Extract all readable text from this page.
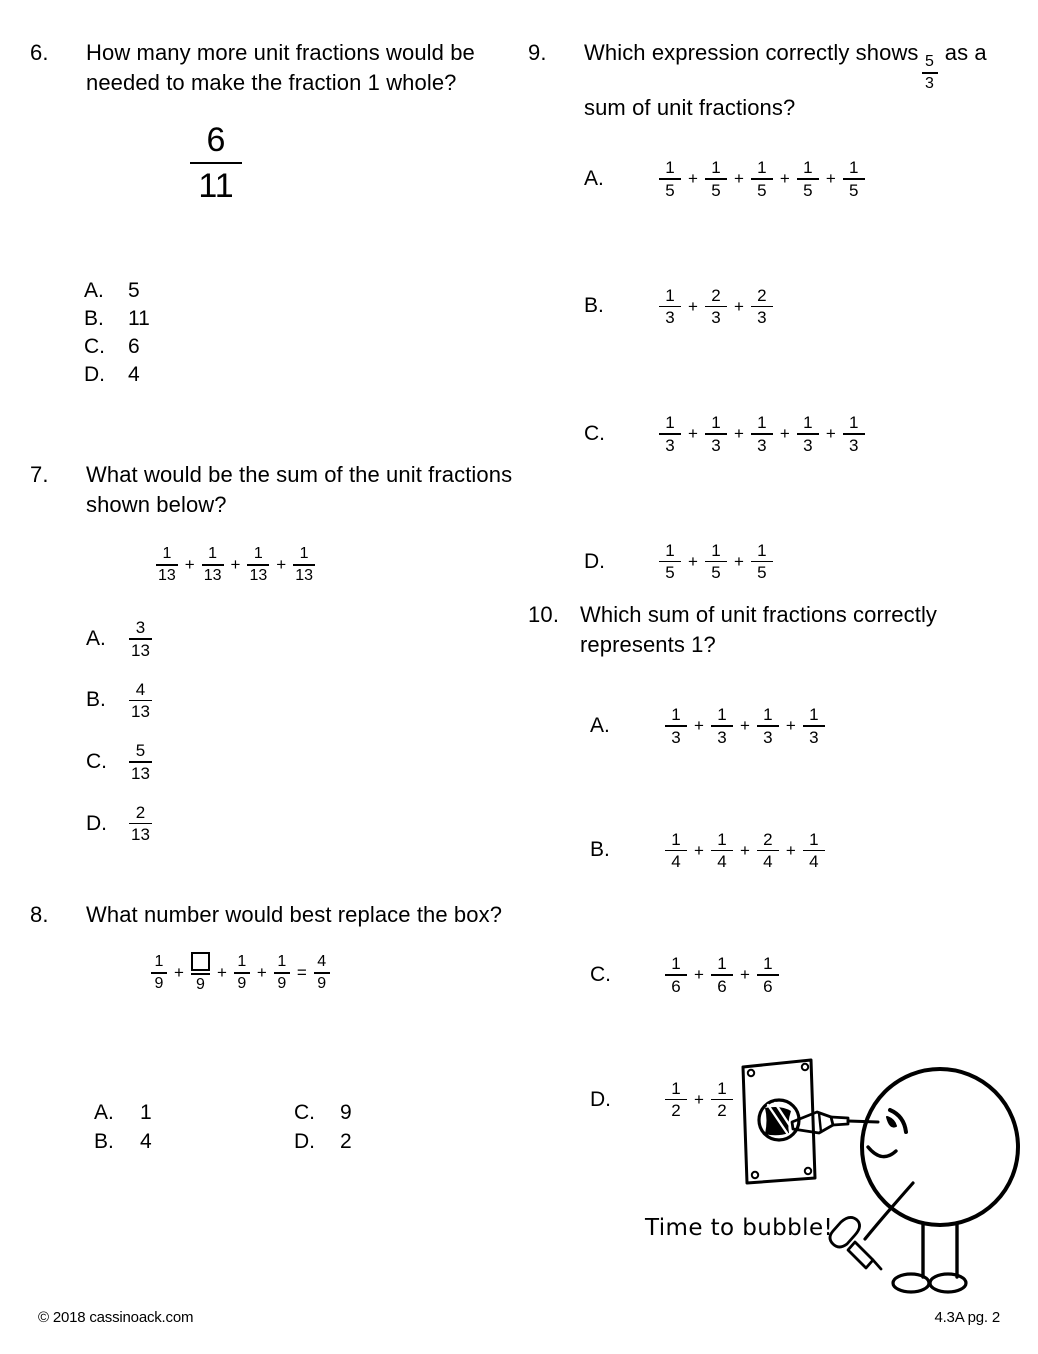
6.	How many more unit fractions would be needed to make the fraction 1 whole?
$\frac{6}{11}$
A.	5
B.	11
C.	6
D.	4
7.	What would be the sum of the unit fractions shown below?
$\frac{1}{13} + \frac{1}{13} + \frac{1}{13} + \frac{1}{13}$
A.	$\frac{3}{13}$
B.	$\frac{4}{13}$
C.	$\frac{5}{13}$
D.	$\frac{2}{13}$
8.	What number would best replace the box?
$\frac{1}{9}$ +
9
+ $\frac{1}{9} + \frac{1}{9} = \frac{4}{9}$
A.	1	C.	9
B.	4	D.	2
9.	Which expression correctly shows
$\frac{5}{3}$
as a sum of unit fractions?
A.	$\frac{1}{5} + \frac{1}{5} + \frac{1}{5} + \frac{1}{5} + \frac{1}{5}$
B.	$\frac{1}{3} + \frac{2}{3} + \frac{2}{3}$
C.	$\frac{1}{3} + \frac{1}{3} + \frac{1}{3} + \frac{1}{3} + \frac{1}{3}$
D.	$\frac{1}{5} + \frac{1}{5} + \frac{1}{5}$
10. Which sum of unit fractions correctly represents 1?
A.	$\frac{1}{3} + \frac{1}{3} + \frac{1}{3} + \frac{1}{3}$
B.	$\frac{1}{4} + \frac{1}{4} + \frac{2}{4} + \frac{1}{4}$
C.	$\frac{1}{6} + \frac{1}{6} + \frac{1}{6}$
D.	$\frac{1}{2} + \frac{1}{2}$
Time to bubble!
© 2018 cassinoack.com	4.3A pg. 2
